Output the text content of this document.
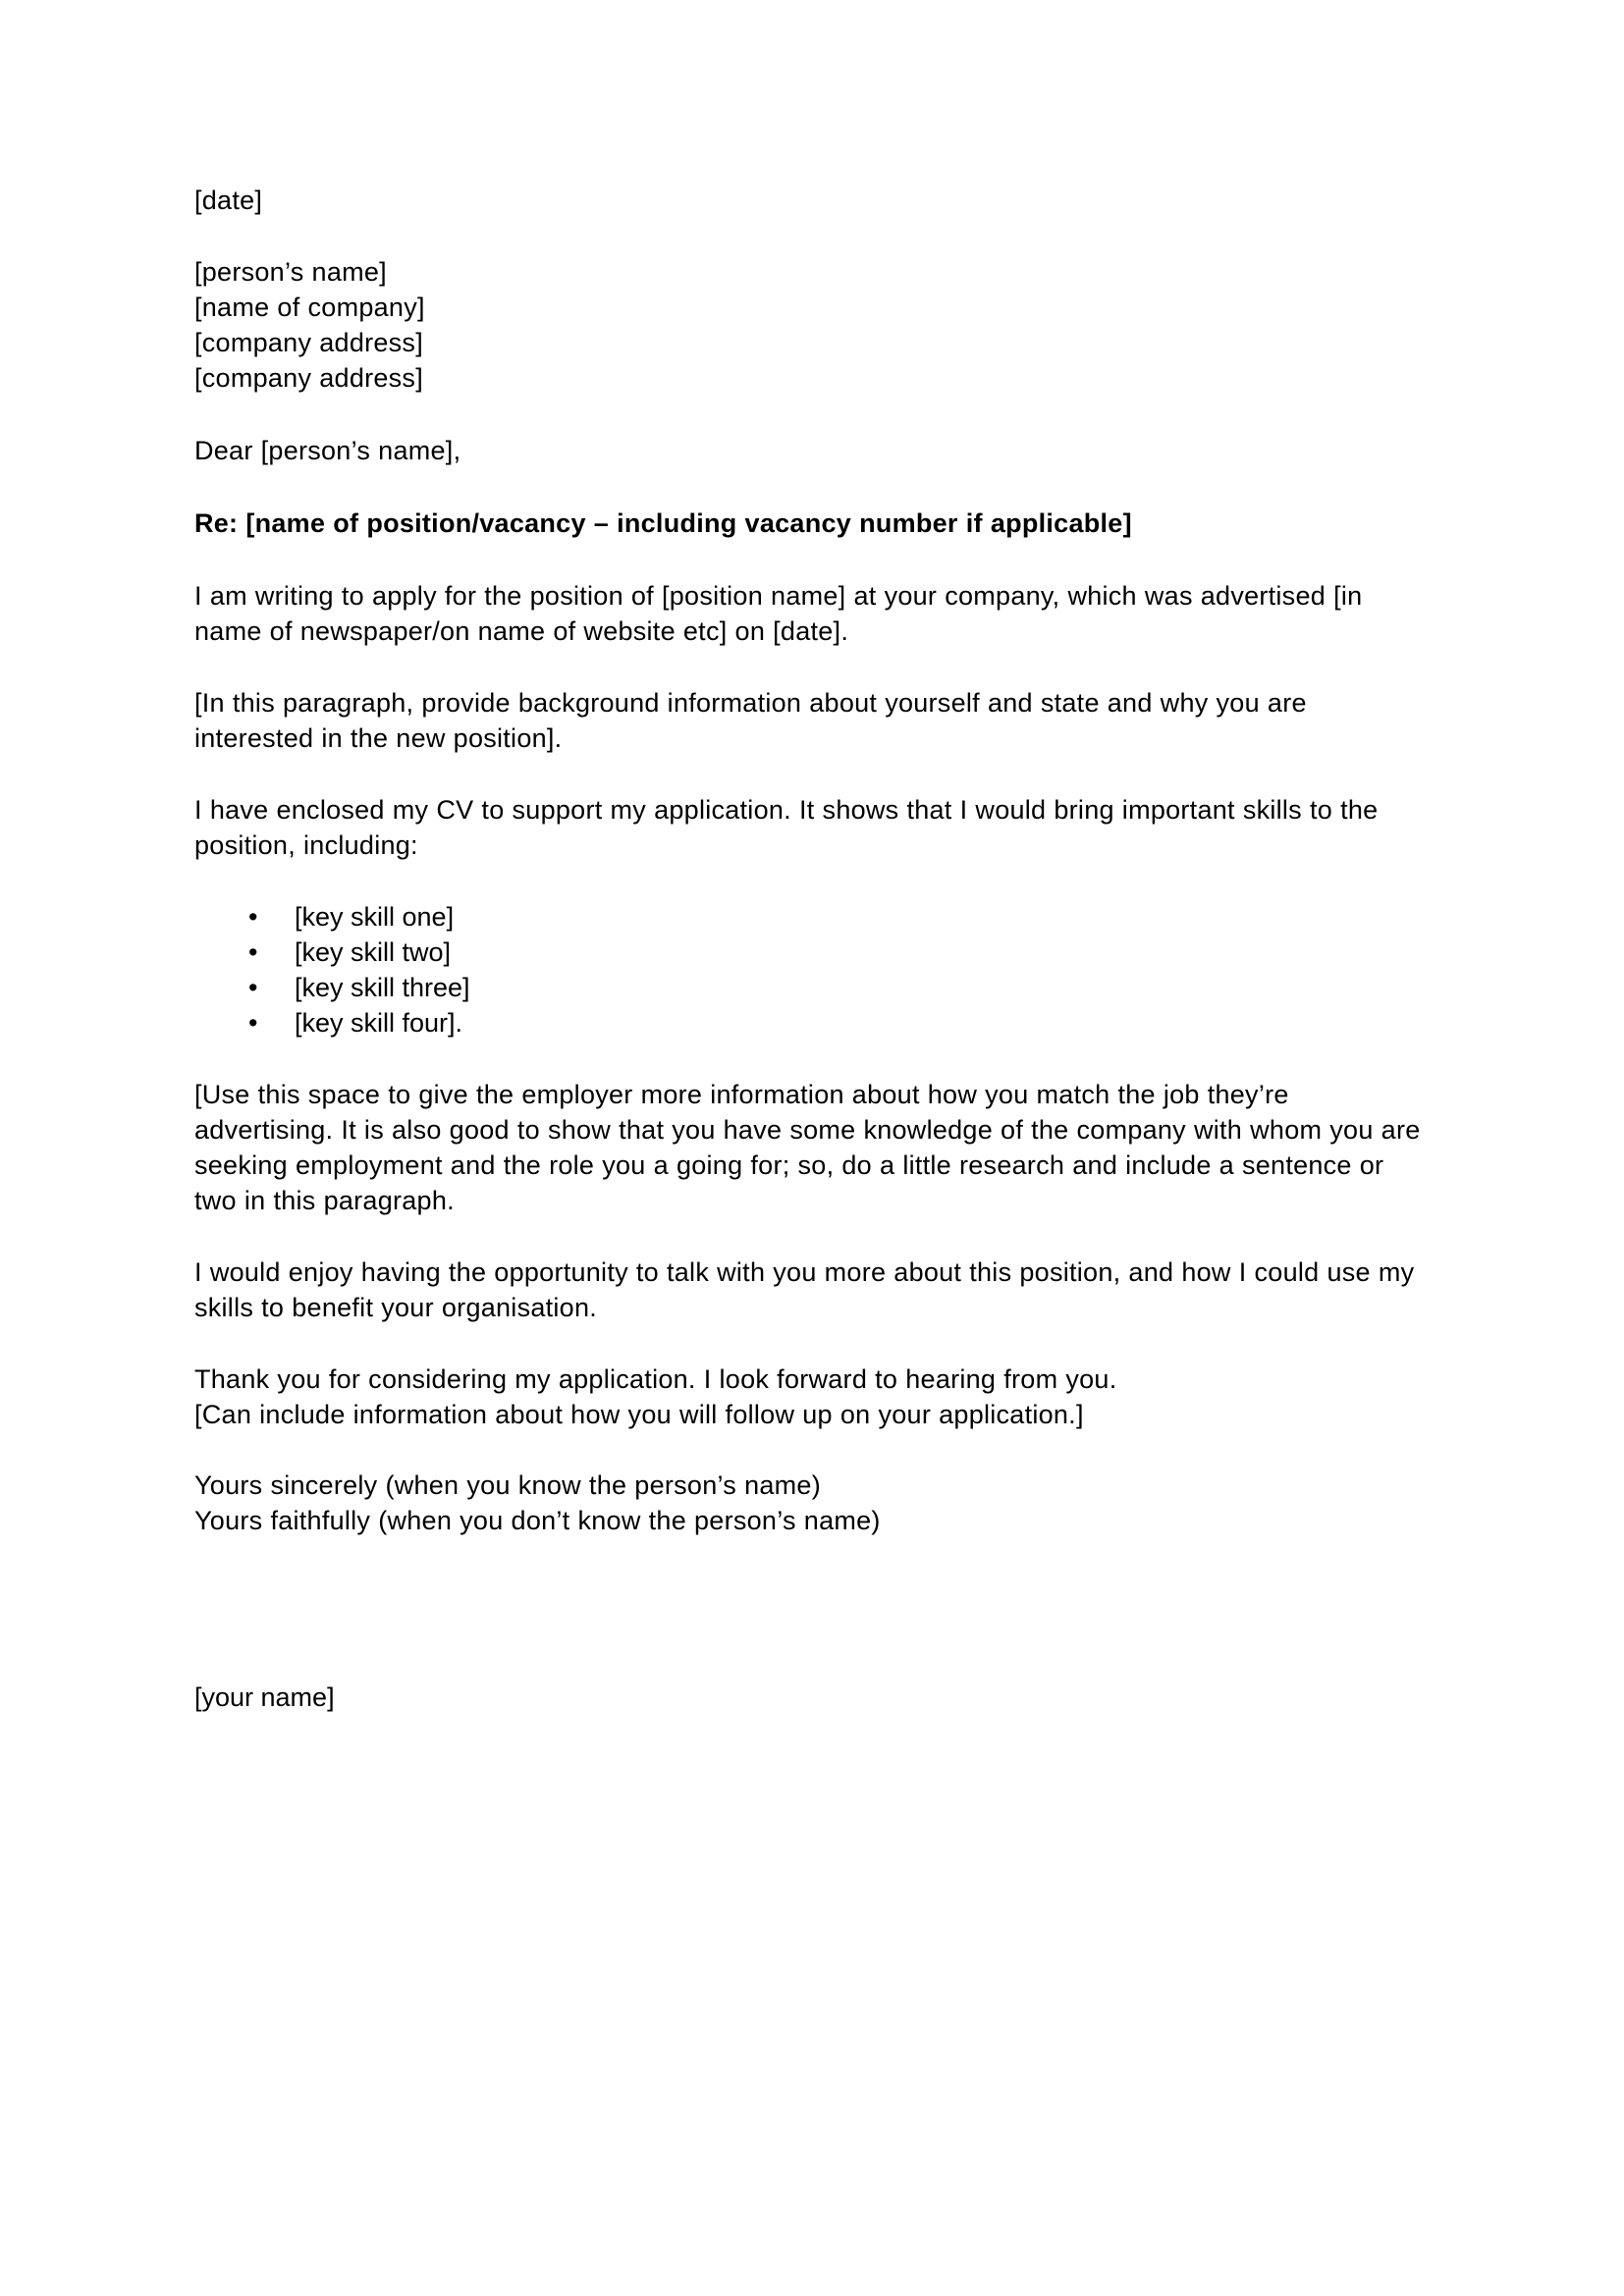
[date]
[person’s name]
[name of company]
[company address]
[company address]
Dear [person’s name],
Re: [name of position/vacancy – including vacancy number if applicable]
I am writing to apply for the position of [position name] at your company, which was advertised [in name of newspaper/on name of website etc] on [date].
[In this paragraph, provide background information about yourself and state and why you are interested in the new position].
I have enclosed my CV to support my application. It shows that I would bring important skills to the position, including:
• [key skill one]
• [key skill two]
• [key skill three]
• [key skill four].
[Use this space to give the employer more information about how you match the job they’re advertising. It is also good to show that you have some knowledge of the company with whom you are seeking employment and the role you a going for; so, do a little research and include a sentence or two in this paragraph.
I would enjoy having the opportunity to talk with you more about this position, and how I could use my skills to benefit your organisation.
Thank you for considering my application. I look forward to hearing from you.
[Can include information about how you will follow up on your application.]
Yours sincerely (when you know the person’s name)
Yours faithfully (when you don’t know the person’s name)
[your name]
